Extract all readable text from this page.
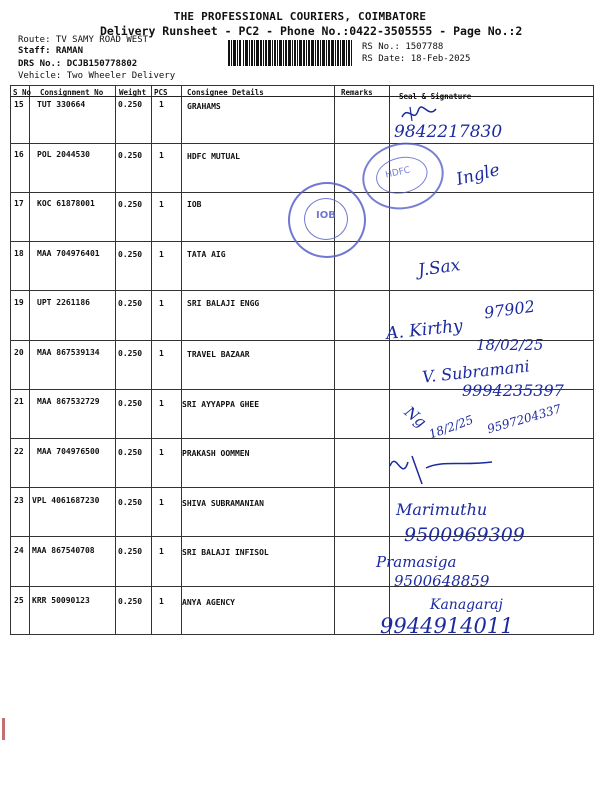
THE PROFESSIONAL COURIERS, COIMBATORE
Delivery Runsheet - PC2 - Phone No.:0422-3505555 - Page No.:2
Route: TV SAMY ROAD WEST
Staff: RAMAN
DRS No.: DCJB150778802
Vehicle: Two Wheeler Delivery
RS No.: 1507788
RS Date: 18-Feb-2025
S No Consignment No Weight PCS	Consignee Details	Remarks	Seal & Signature
15 TUT 330664	0.250 1	GRAHAMS
16 POL 2044530	0.250 1	HDFC MUTUAL
17 KOC 61878001	0.250 1	IOB
18 MAA 704976401 0.250 1	TATA AIG
19 UPT 2261186	0.250 1	SRI BALAJI ENGG
20 MAA 867539134 0.250 1	TRAVEL BAZAAR
21 MAA 867532729 0.250 1 SRI AYYAPPA GHEE
22 MAA 704976500 0.250 1 PRAKASH OOMMEN
23 VPL 4061687230 0.250 1 SHIVA SUBRAMANIAN
24 MAA 867540708	0.250 1 SRI BALAJI INFISOL
25 KRR 50090123	0.250 1 ANYA AGENCY
HDFC
IOB
9842217830
Ingle
J.Sax
A. Kirthy
97902
18/02/25
V. Subramani
9994235397
Ng
18/2/25 9597204337
Marimuthu
9500969309
Pramasiga
9500648859
Kanagaraj
9944914011
